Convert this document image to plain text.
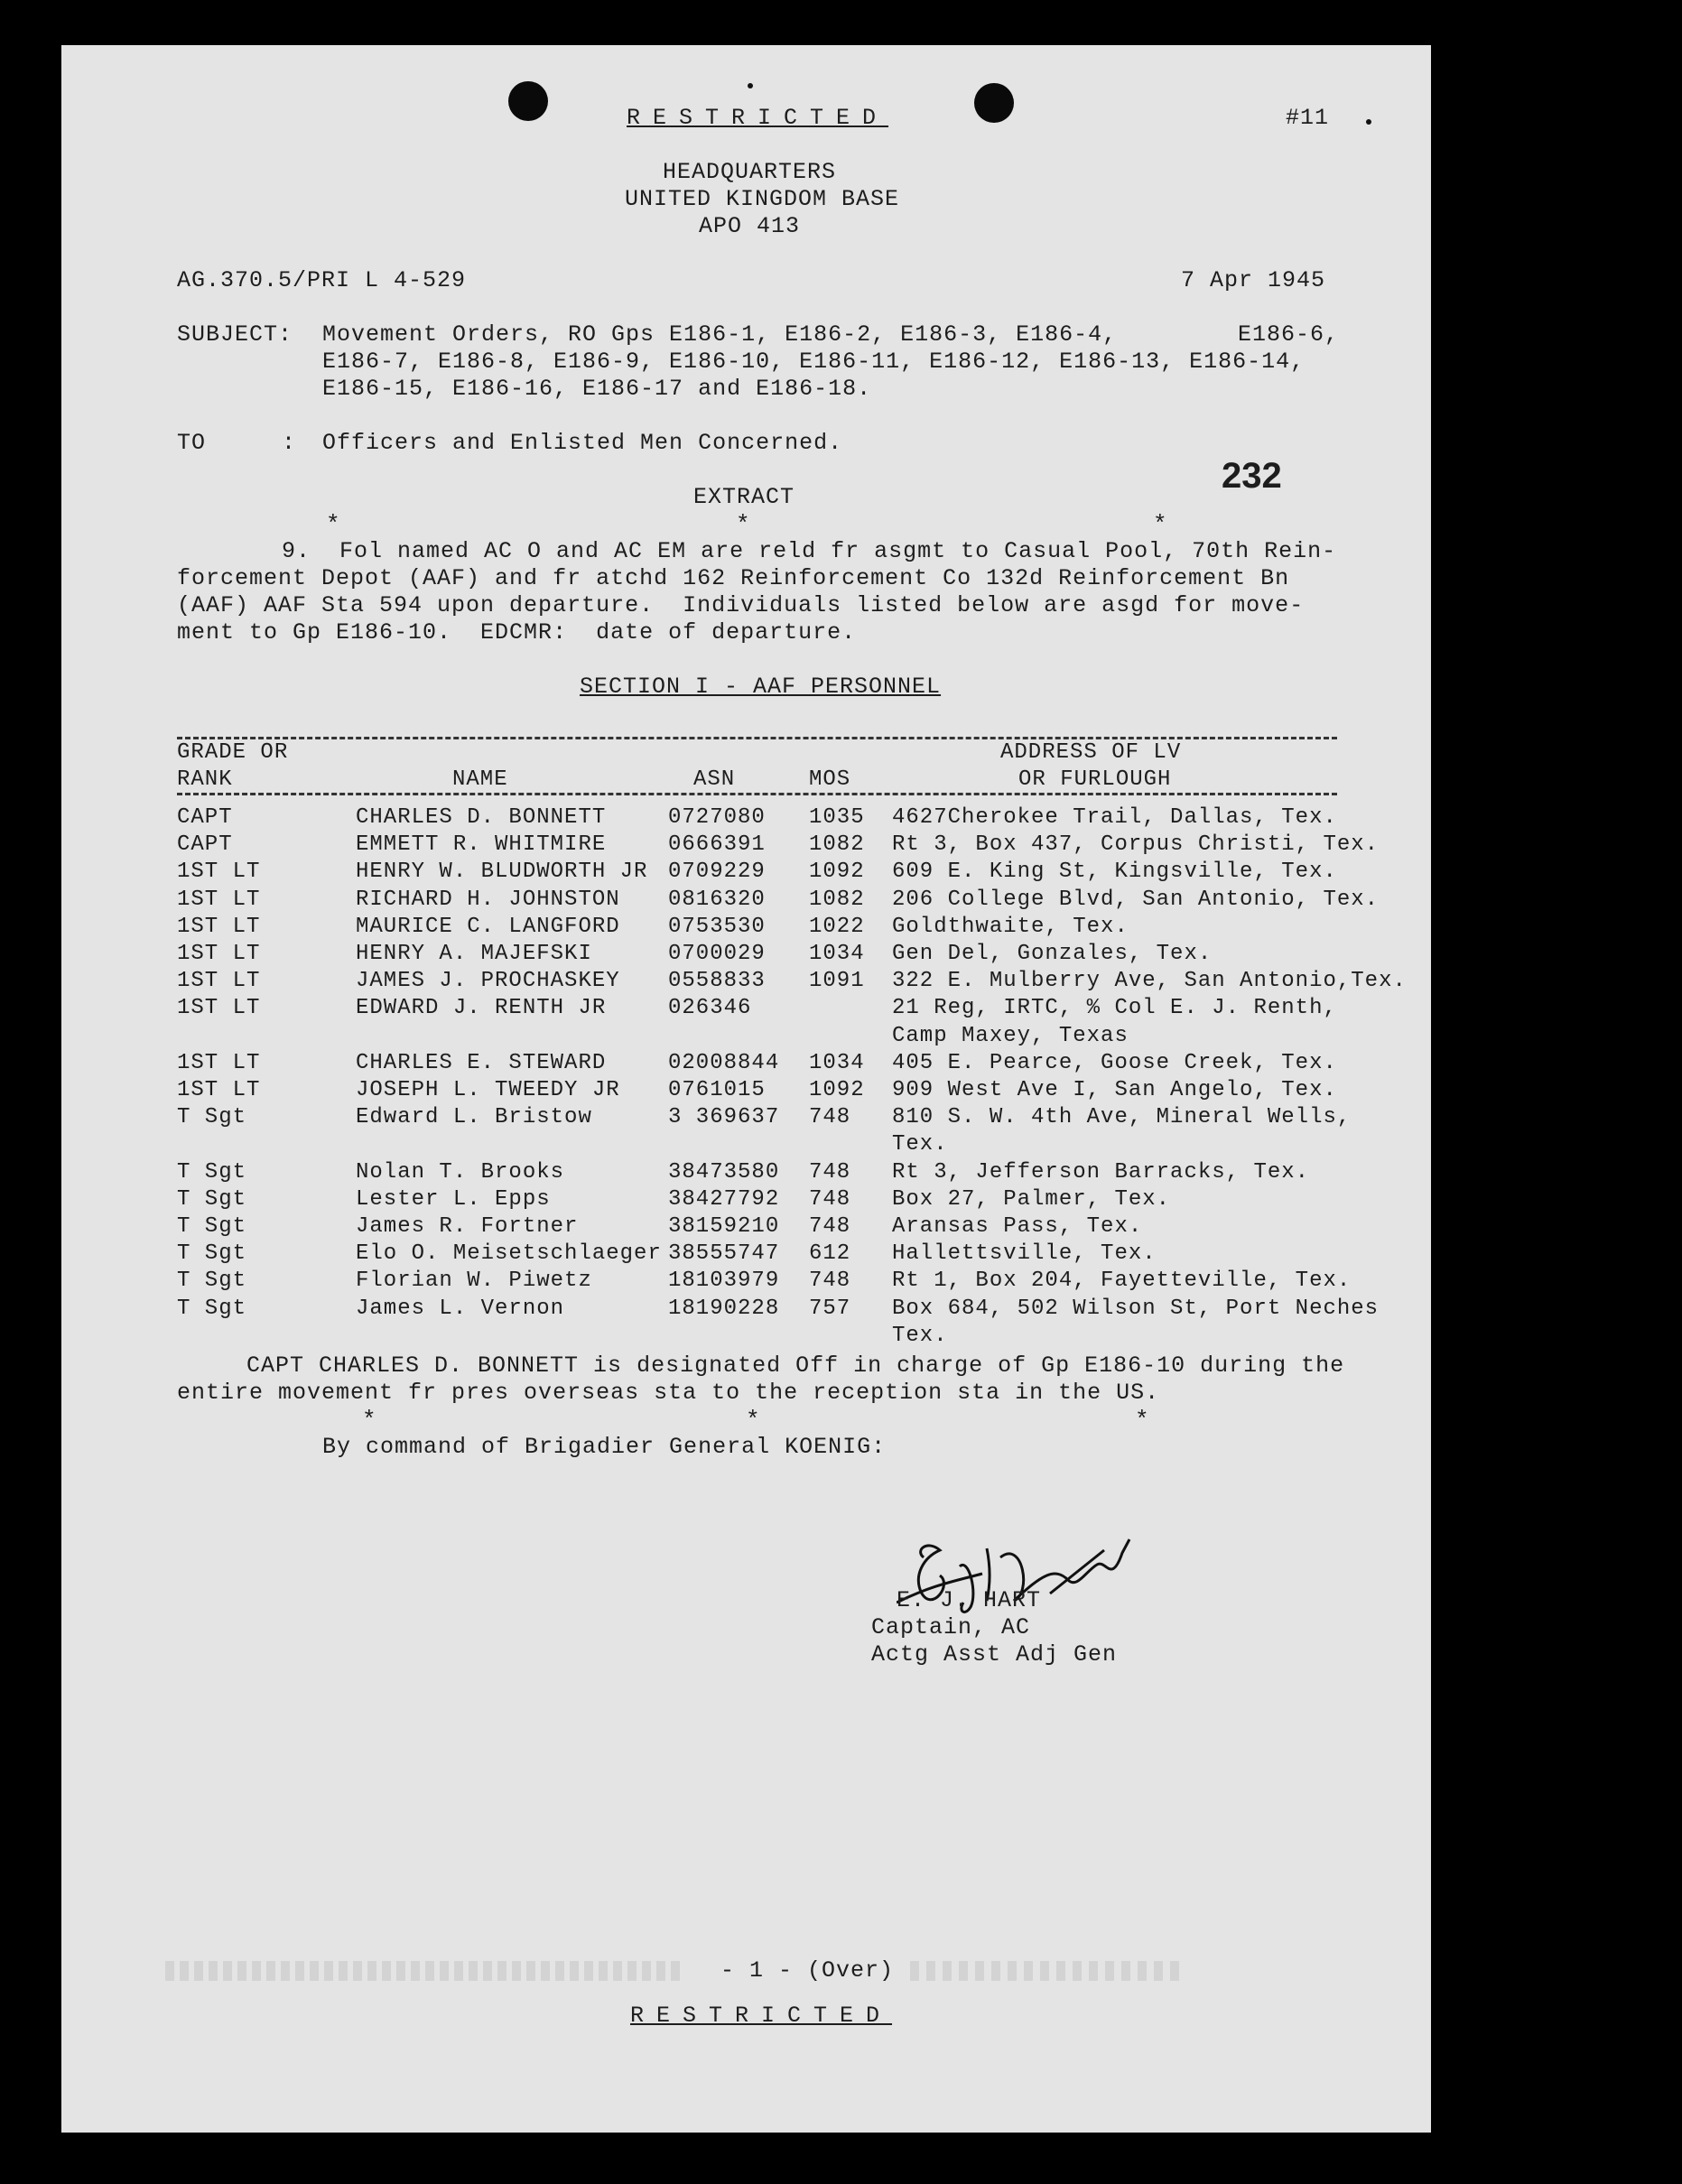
RESTRICTED	#11
HEADQUARTERS
UNITED KINGDOM BASE
APO 413
AG.370.5/PRI L 4-529	7 Apr 1945
SUBJECT: Movement Orders, RO Gps E186-1, E186-2, E186-3, E186-4,	E186-6,
E186-7, E186-8, E186-9, E186-10, E186-11, E186-12, E186-13, E186-14,
E186-15, E186-16, E186-17 and E186-18.
TO	: Officers and Enlisted Men Concerned.
232
EXTRACT
*	*	*
9.  Fol named AC O and AC EM are reld fr asgmt to Casual Pool, 70th Rein-
forcement Depot (AAF) and fr atchd 162 Reinforcement Co 132d Reinforcement Bn
(AAF) AAF Sta 594 upon departure.  Individuals listed below are asgd for move-
ment to Gp E186-10.  EDCMR:  date of departure.
SECTION I - AAF PERSONNEL
GRADE OR	ADDRESS OF LV
RANK	NAME	ASN	MOS	OR FURLOUGH
CAPT	CHARLES D. BONNETT	0727080 1035 4627Cherokee Trail, Dallas, Tex.
CAPT	EMMETT R. WHITMIRE	0666391 1082 Rt 3, Box 437, Corpus Christi, Tex.
1ST LT	HENRY W. BLUDWORTH JR 0709229 1092 609 E. King St, Kingsville, Tex.
1ST LT	RICHARD H. JOHNSTON 0816320 1082 206 College Blvd, San Antonio, Tex.
1ST LT	MAURICE C. LANGFORD 0753530 1022 Goldthwaite, Tex.
1ST LT	HENRY A. MAJEFSKI	0700029 1034 Gen Del, Gonzales, Tex.
1ST LT	JAMES J. PROCHASKEY 0558833 1091 322 E. Mulberry Ave, San Antonio,Tex.
1ST LT	EDWARD J. RENTH JR	026346	21 Reg, IRTC, % Col E. J. Renth,
Camp Maxey, Texas
1ST LT	CHARLES E. STEWARD	02008844 1034 405 E. Pearce, Goose Creek, Tex.
1ST LT	JOSEPH L. TWEEDY JR 0761015 1092 909 West Ave I, San Angelo, Tex.
T Sgt	Edward L. Bristow	3 369637 748 810 S. W. 4th Ave, Mineral Wells,
Tex.
T Sgt	Nolan T. Brooks	38473580 748 Rt 3, Jefferson Barracks, Tex.
T Sgt	Lester L. Epps	38427792 748 Box 27, Palmer, Tex.
T Sgt	James R. Fortner	38159210 748 Aransas Pass, Tex.
T Sgt	Elo O. Meisetschlaeger 38555747 612 Hallettsville, Tex.
T Sgt	Florian W. Piwetz	18103979 748 Rt 1, Box 204, Fayetteville, Tex.
T Sgt	James L. Vernon	18190228 757 Box 684, 502 Wilson St, Port Neches
Tex.
CAPT CHARLES D. BONNETT is designated Off in charge of Gp E186-10 during the
entire movement fr pres overseas sta to the reception sta in the US.
*	*	*
By command of Brigadier General KOENIG:
E. J. HART
Captain, AC
Actg Asst Adj Gen
- 1 - (Over)
RESTRICTED
